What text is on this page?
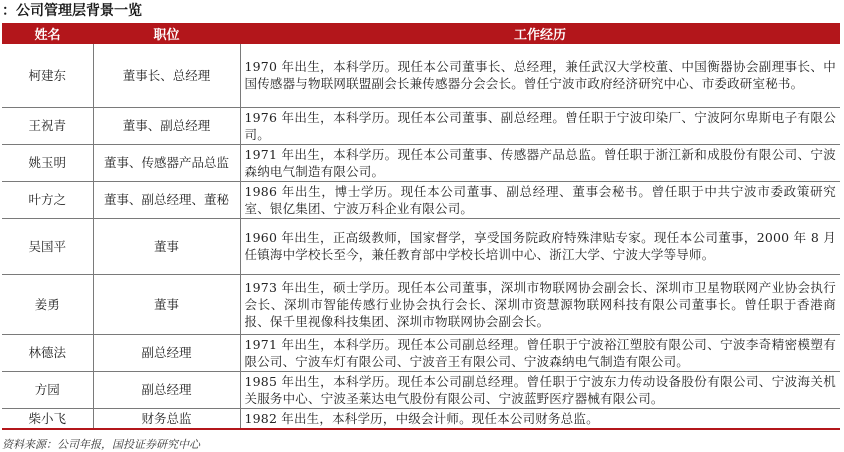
：公司管理层背景一览
姓名	职位	工作经历
柯建东	董事长、总经理	1970 年出生，本科学历。现任本公司董事长、总经理，兼任武汉大学校董、中国衡器协会副理事长、中国传感器与物联网联盟副会长兼传感器分会会长。曾任宁波市政府经济研究中心、市委政研室秘书。
王祝青	董事、副总经理	1976 年出生，本科学历。现任本公司董事、副总经理。曾任职于宁波印染厂、宁波阿尔卑斯电子有限公司。
姚玉明	董事、传感器产品总监	1971 年出生，本科学历。现任本公司董事、传感器产品总监。曾任职于浙江新和成股份有限公司、宁波森纳电气制造有限公司。
叶方之	董事、副总经理、董秘	1986 年出生，博士学历。现任本公司董事、副总经理、董事会秘书。曾任职于中共宁波市委政策研究室、银亿集团、宁波万科企业有限公司。
吴国平	董事	1960 年出生，正高级教师，国家督学，享受国务院政府特殊津贴专家。现任本公司董事，2000 年 8 月任镇海中学校长至今，兼任教育部中学校长培训中心、浙江大学、宁波大学等导师。
姜勇	董事	1973 年出生，硕士学历。现任本公司董事，深圳市物联网协会副会长、深圳市卫星物联网产业协会执行会长、深圳市智能传感行业协会执行会长、深圳市资慧源物联网科技有限公司董事长。曾任职于香港商报、保千里视像科技集团、深圳市物联网协会副会长。
林德法	副总经理	1971 年出生，本科学历。现任本公司副总经理。曾任职于宁波裕江塑胶有限公司、宁波李奇精密模塑有限公司、宁波车灯有限公司、宁波音王有限公司、宁波森纳电气制造有限公司。
方园	副总经理	1985 年出生，本科学历。现任本公司副总经理。曾任职于宁波东力传动设备股份有限公司、宁波海关机关服务中心、宁波圣莱达电气股份有限公司、宁波蓝野医疗器械有限公司。
柴小飞	财务总监	1982 年出生，本科学历，中级会计师。现任本公司财务总监。
资料来源：公司年报，国投证券研究中心
